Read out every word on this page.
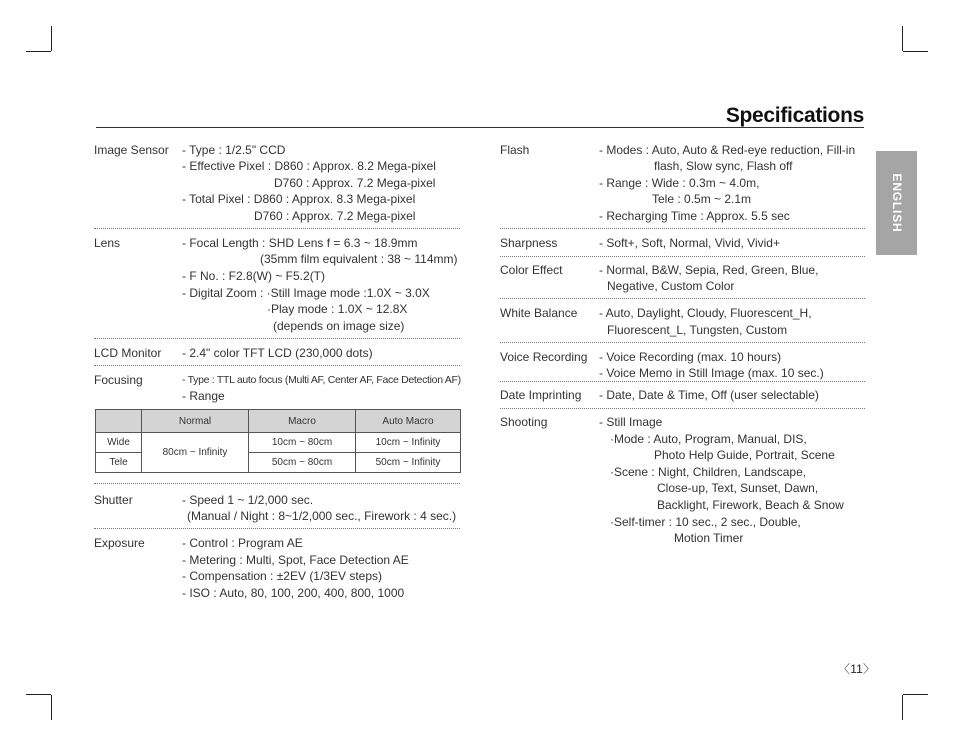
Specifications
ENGLISH
Image Sensor - Type : 1/2.5" CCD
- Effective Pixel : D860 : Approx. 8.2 Mega-pixel
D760 : Approx. 7.2 Mega-pixel
- Total Pixel : D860 : Approx. 8.3 Mega-pixel
D760 : Approx. 7.2 Mega-pixel
Lens	- Focal Length : SHD Lens f = 6.3 ~ 18.9mm
(35mm film equivalent : 38 ~ 114mm)
- F No. : F2.8(W) ~ F5.2(T)
- Digital Zoom : ·Still Image mode :1.0X ~ 3.0X
·Play mode : 1.0X ~ 12.8X
(depends on image size)
LCD Monitor - 2.4" color TFT LCD (230,000 dots)
Focusing	- Type : TTL auto focus (Multi AF, Center AF, Face Detection AF)
- Range
	Normal	Macro	Auto Macro
Wide	80cm ~ Infinity	10cm ~ 80cm	10cm ~ Infinity
Tele		50cm ~ 80cm	50cm ~ Infinity
Shutter	- Speed 1 ~ 1/2,000 sec.
(Manual / Night : 8~1/2,000 sec., Firework : 4 sec.)
Exposure	- Control : Program AE
- Metering : Multi, Spot, Face Detection AE
- Compensation : ±2EV (1/3EV steps)
- ISO : Auto, 80, 100, 200, 400, 800, 1000
Flash	- Modes : Auto, Auto & Red-eye reduction, Fill-in
flash, Slow sync, Flash off
- Range : Wide : 0.3m ~ 4.0m,
Tele : 0.5m ~ 2.1m
- Recharging Time : Approx. 5.5 sec
Sharpness	- Soft+, Soft, Normal, Vivid, Vivid+
Color Effect	- Normal, B&W, Sepia, Red, Green, Blue,
Negative, Custom Color
White Balance - Auto, Daylight, Cloudy, Fluorescent_H,
Fluorescent_L, Tungsten, Custom
Voice Recording - Voice Recording (max. 10 hours)
- Voice Memo in Still Image (max. 10 sec.)
Date Imprinting - Date, Date & Time, Off (user selectable)
Shooting	- Still Image
·Mode : Auto, Program, Manual, DIS,
Photo Help Guide, Portrait, Scene
·Scene : Night, Children, Landscape,
Close-up, Text, Sunset, Dawn,
Backlight, Firework, Beach & Snow
·Self-timer : 10 sec., 2 sec., Double,
Motion Timer
〈11〉
